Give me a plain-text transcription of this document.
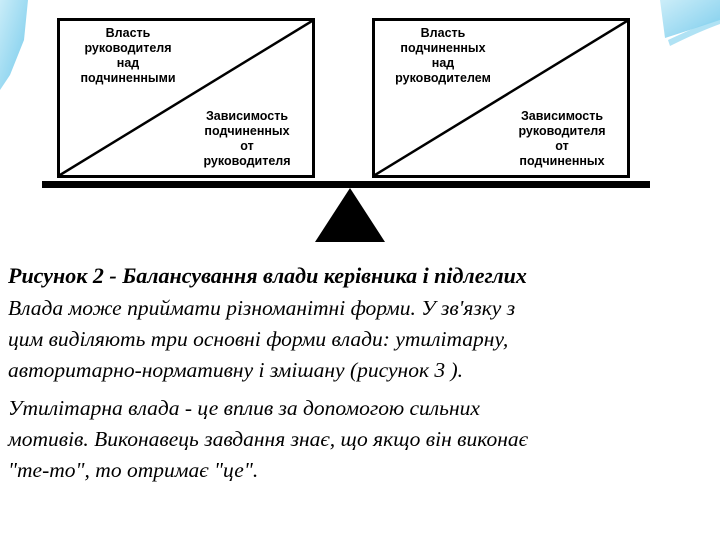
Власть
руководителя
над
подчиненными
Зависимость
подчиненных
от
руководителя
Власть
подчиненных
над
руководителем
Зависимость
руководителя
от
подчиненных
Рисунок 2 - Балансування влади керівника і підлеглих
Влада може приймати різноманітні форми. У зв'язку з
цим виділяють три основні форми влади: утилітарну,
авторитарно-нормативну і змішану (рисунок 3 ).
Утилітарна влада - це вплив за допомогою сильних
мотивів. Виконавець завдання знає, що якщо він виконає
"те-то", то отримає "це".
